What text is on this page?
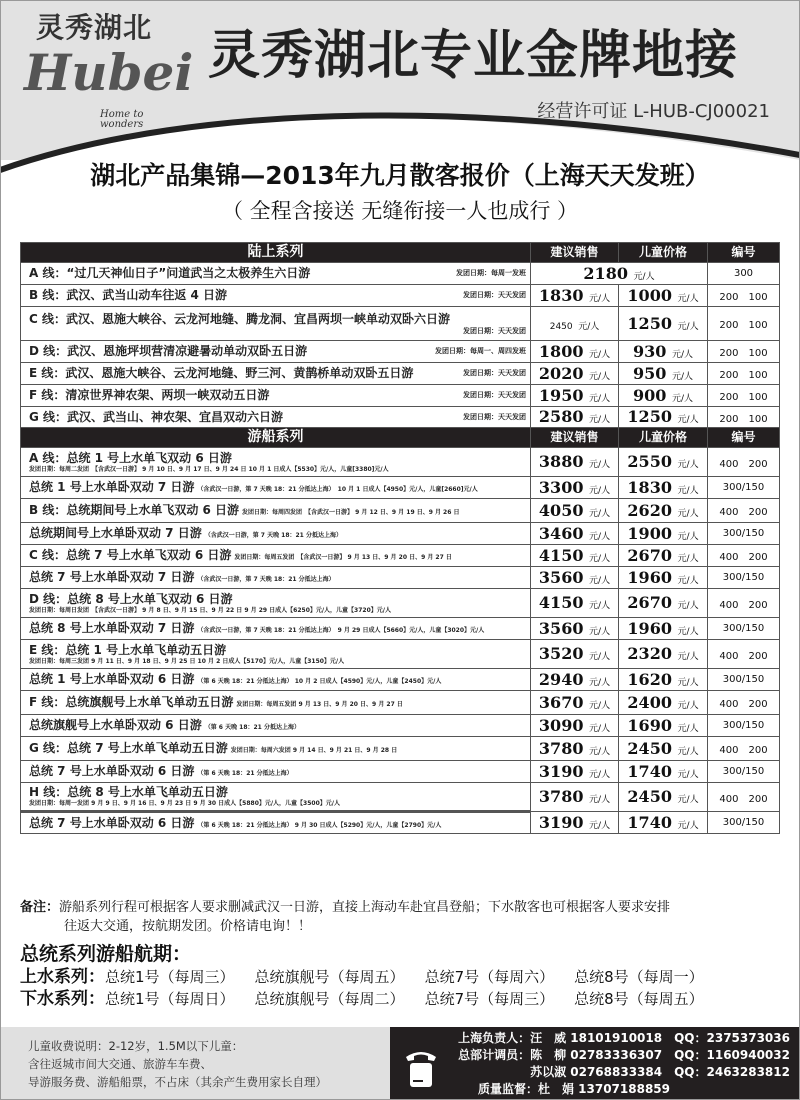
灵秀湖北
Hubei
Home to wonders
灵秀湖北专业金牌地接
经营许可证 L-HUB-CJ00021
湖北产品集锦—2013年九月散客报价（上海天天发班）
（ 全程含接送 无缝衔接一人也成行 ）
陆上系列	建议销售	儿童价格	编号

发团日期：每周一发班
A 线：“过几天神仙日子”问道武当之太极养生六日游	2180 元/人		300

发团日期：天天发团
B 线：武汉、武当山动车往返 4 日游	1830 元/人	1000 元/人	200　100

C 线：武汉、恩施大峡谷、云龙河地缝、腾龙洞、宜昌两坝一峡单动双卧六日游
发团日期：天天发团	2450 元/人	1250 元/人	200　100

发团日期：每周一、周四发班
D 线：武汉、恩施坪坝营清凉避暑动单动双卧五日游	1800 元/人	930 元/人	200　100

发团日期：天天发团
E 线：武汉、恩施大峡谷、云龙河地缝、野三河、黄鹊桥单动双卧五日游	2020 元/人	950 元/人	200　100

发团日期：天天发团
F 线：清凉世界神农架、两坝一峡双动五日游	1950 元/人	900 元/人	200　100

发团日期：天天发团
G 线：武汉、武当山、神农架、宜昌双动六日游	2580 元/人	1250 元/人	200　100
游船系列	建议销售	儿童价格	编号
A 线：总统 1 号上水单飞双动 6 日游
发团日期：每周二发团　【含武汉一日游】 9 月 10 日、9 月 17 日、9 月 24 日 10 月 1 日成人【5530】元/人，儿童[3380]元/人	3880 元/人	2550 元/人	400　200
总统 1 号上水单卧双动 7 日游 （含武汉一日游，第 7 天晚 18：21 分抵达上海）　10 月 1 日成人【4950】元/人，儿童[2660]元/人	3300 元/人	1830 元/人	300/150
B 线：总统期间号上水单飞双动 6 日游 发团日期：每周四发团　【含武汉一日游】 9 月 12 日、9 月 19 日、9 月 26 日	4050 元/人	2620 元/人	400　200
总统期间号上水单卧双动 7 日游 （含武汉一日游，第 7 天晚 18：21 分抵达上海）	3460 元/人	1900 元/人	300/150
C 线：总统 7 号上水单飞双动 6 日游 发团日期：每周五发团　【含武汉一日游】 9 月 13 日、9 月 20 日、9 月 27 日	4150 元/人	2670 元/人	400　200
总统 7 号上水单卧双动 7 日游 （含武汉一日游，第 7 天晚 18：21 分抵达上海）	3560 元/人	1960 元/人	300/150
D 线：总统 8 号上水单飞双动 6 日游
发团日期：每周日发团　【含武汉一日游】 9 月 8 日、9 月 15 日、9 月 22 日 9 月 29 日成人【6250】元/人，儿童【3720】元/人	4150 元/人	2670 元/人	400　200
总统 8 号上水单卧双动 7 日游 （含武汉一日游，第 7 天晚 18：21 分抵达上海）　9 月 29 日成人【5660】元/人，儿童【3020】元/人	3560 元/人	1960 元/人	300/150
E 线：总统 1 号上水单飞单动五日游
发团日期：每周三发团 9 月 11 日、9 月 18 日、9 月 25 日 10 月 2 日成人【5170】元/人，儿童【3150】元/人	3520 元/人	2320 元/人	400　200
总统 1 号上水单卧双动 6 日游 （第 6 天晚 18：21 分抵达上海） 10 月 2 日成人【4590】元/人，儿童【2450】元/人	2940 元/人	1620 元/人	300/150
F 线：总统旗舰号上水单飞单动五日游 发团日期：每周五发团 9 月 13 日、9 月 20 日、9 月 27 日	3670 元/人	2400 元/人	400　200
总统旗舰号上水单卧双动 6 日游 （第 6 天晚 18：21 分抵达上海）	3090 元/人	1690 元/人	300/150
G 线：总统 7 号上水单飞单动五日游 发团日期：每周六发团 9 月 14 日、9 月 21 日、9 月 28 日	3780 元/人	2450 元/人	400　200
总统 7 号上水单卧双动 6 日游 （第 6 天晚 18：21 分抵达上海）	3190 元/人	1740 元/人	300/150
H 线：总统 8 号上水单飞单动五日游
发团日期：每周一发团 9 月 9 日、9 月 16 日、9 月 23 日 9 月 30 日成人【5880】元/人，儿童【3500】元/人	3780 元/人	2450 元/人	400　200
总统 7 号上水单卧双动 6 日游 （第 6 天晚 18：21 分抵达上海） 9 月 30 日成人【5290】元/人，儿童【2790】元/人	3190 元/人	1740 元/人	300/150
备注：游船系列行程可根据客人要求删减武汉一日游，直接上海动车赴宜昌登船；下水散客也可根据客人要求安排
往返大交通，按航期发团。价格请电询！！
总统系列游船航期：
上水系列：总统1号（每周三） 总统旗舰号（每周五） 总统7号（每周六） 总统8号（每周一）
下水系列：总统1号（每周日） 总统旗舰号（每周二） 总统7号（每周三） 总统8号（每周五）
儿童收费说明：2-12岁，1.5M以下儿童：
含往返城市间大交通、旅游车车费、
导游服务费、游船船票，不占床（其余产生费用家长自理）
上海负责人：汪　威 18101910018　QQ：2375373036
总部计调员：陈　柳 02783336307　QQ：1160940032
苏以淑 02768833384　QQ：2463283812
质量监督：杜　娟 13707188859
